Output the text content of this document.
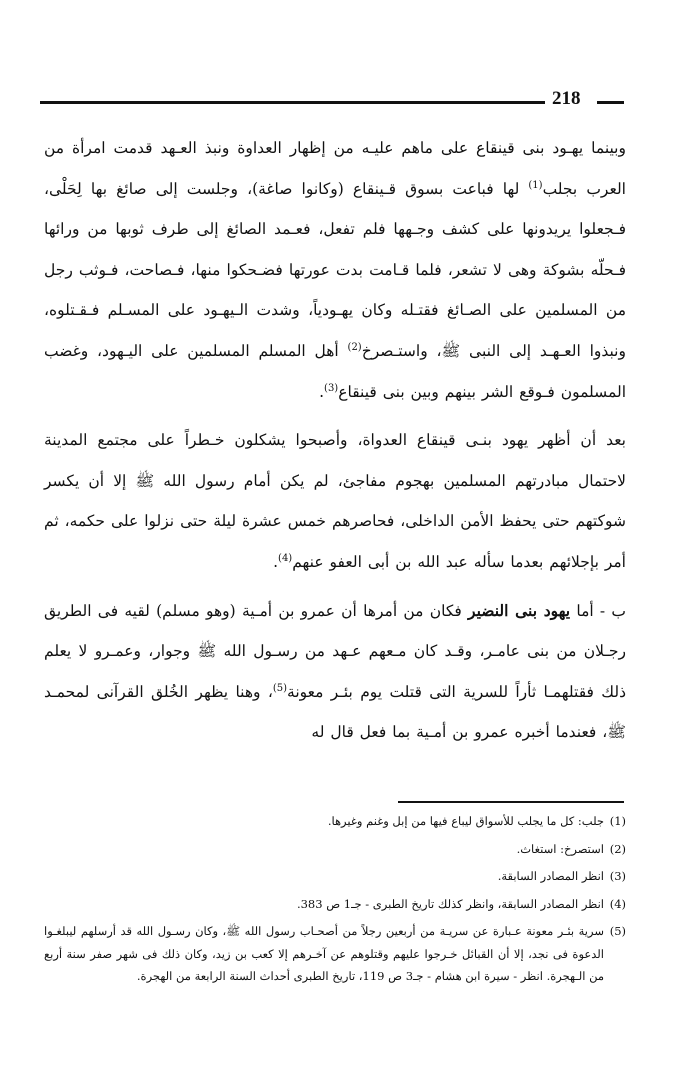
218

وبينما يهـود بنى قينقاع على ماهم عليـه من إظهار العداوة ونبذ العـهد قدمت امرأة من العرب بجلب$^{(1)}$ لها فباعت بسوق قـينقاع (وكانوا صاغة)، وجلست إلى صائغ بها لِحَلْى، فـجعلوا يريدونها على كشف وجـهها فلم تفعل، فعـمد الصائغ إلى طرف ثوبها من ورائها فـحلّه بشوكة وهى لا تشعر، فلما قـامت بدت عورتها فضـحكوا منها، فـصاحت، فـوثب رجل من المسلمين على الصـائغ فقتـله وكان يهـودياً، وشدت الـيهـود على المسـلم فـقـتلوه، ونبذوا العـهـد إلى النبى ﷺ، واستـصرخ$^{(2)}$ أهل المسلم المسلمين على اليـهود، وغضب المسلمون فـوقع الشر بينهم وبين بنى قينقاع$^{(3)}$.

بعد أن أظهر يهود بنـى قينقاع العدواة، وأصبحوا يشكلون خـطراً على مجتمع المدينة لاحتمال مبادرتهم المسلمين بهجوم مفاجئ، لم يكن أمام رسول الله ﷺ إلا أن يكسر شوكتهم حتى يحفظ الأمن الداخلى، فحاصرهم خمس عشرة ليلة حتى نزلوا على حكمه، ثم أمر بإجلائهم بعدما سأله عبد الله بن أبى العفو عنهم$^{(4)}$.

ب - أما يهود بنى النضير فكان من أمرها أن عمرو بن أمـية (وهو مسلم) لقيه فى الطريق رجـلان من بنى عامـر، وقـد كان مـعهم عـهد من رسـول الله ﷺ وجوار، وعمـرو لا يعلم ذلك فقتلهمـا ثأراً للسرية التى قتلت يوم بئـر معونة$^{(5)}$، وهنا يظهر الخُلق القرآنى لمحمـد ﷺ، فعندما أخبره عمرو بن أمـية بما فعل قال له

(1)
جلب: كل ما يجلب للأسواق ليباع فيها من إبل وغنم وغيرها.
(2)
استصرخ: استغاث.
(3)
انظر المصادر السابقة.
(4)
انظر المصادر السابقة، وانظر كذلك تاريخ الطبرى - جـ1 ص 383.
(5)
سرية بئـر معونة عـبارة عن سريـة من أربعين رجلاً من أصحـاب رسول الله ﷺ، وكان رسـول الله قد أرسلهم ليبلغـوا الدعوة فى نجد، إلا أن القبائل خـرجوا عليهم وقتلوهم عن آخـرهم إلا كعب بن زيد، وكان ذلك فى شهر صفر سنة أربع من الـهجرة. انظر - سيرة ابن هشام - جـ3 ص 119، تاريخ الطبرى أحداث السنة الرابعة من الهجرة.
